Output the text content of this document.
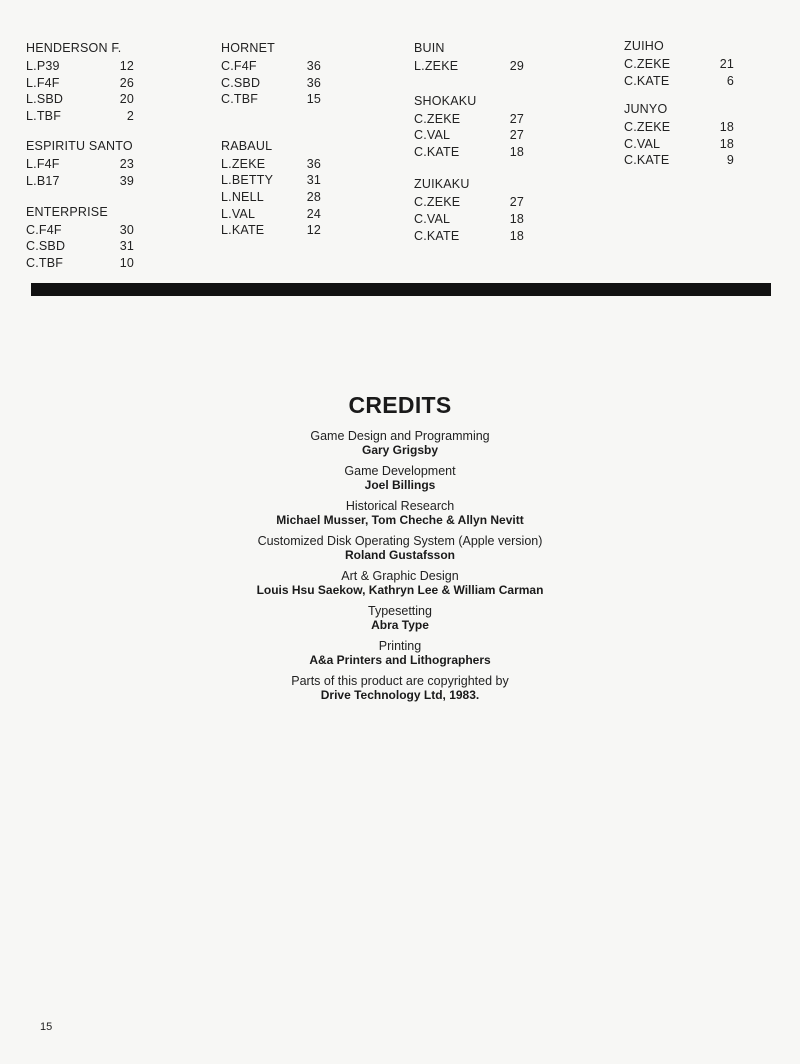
HENDERSON F.
L.P39	12
L.F4F	26
L.SBD	20
L.TBF	2
ESPIRITU SANTO
L.F4F	23
L.B17	39
ENTERPRISE
C.F4F	30
C.SBD	31
C.TBF	10
HORNET
C.F4F	36
C.SBD	36
C.TBF	15
RABAUL
L.ZEKE	36
L.BETTY	31
L.NELL	28
L.VAL	24
L.KATE	12
BUIN
L.ZEKE	29
SHOKAKU
C.ZEKE	27
C.VAL	27
C.KATE	18
ZUIKAKU
C.ZEKE	27
C.VAL	18
C.KATE	18
ZUIHO
C.ZEKE	21
C.KATE	6
JUNYO
C.ZEKE	18
C.VAL	18
C.KATE	9
CREDITS
Game Design and Programming
Gary Grigsby
Game Development
Joel Billings
Historical Research
Michael Musser, Tom Cheche & Allyn Nevitt
Customized Disk Operating System (Apple version)
Roland Gustafsson
Art & Graphic Design
Louis Hsu Saekow, Kathryn Lee & William Carman
Typesetting
Abra Type
Printing
A&a Printers and Lithographers
Parts of this product are copyrighted by
Drive Technology Ltd, 1983.
15
